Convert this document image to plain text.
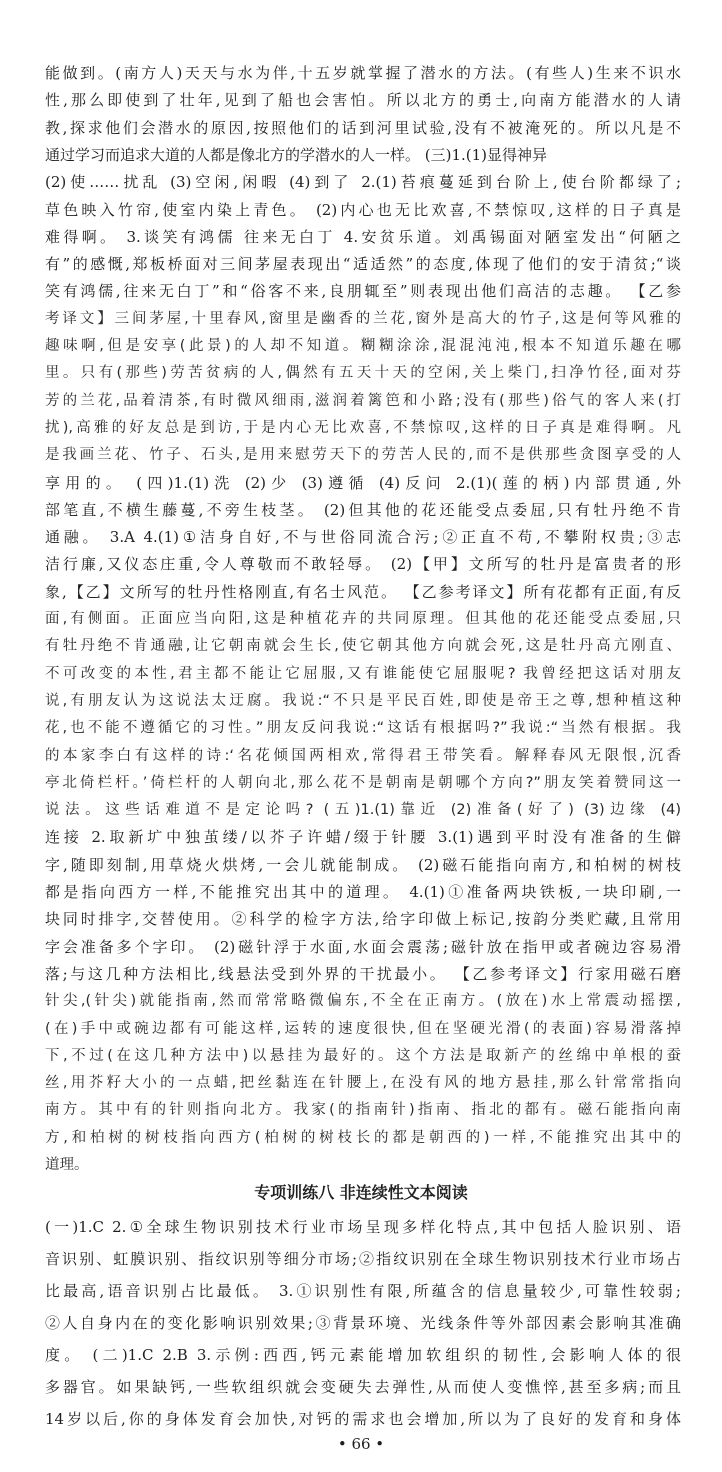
能做到。(南方人)天天与水为伴,十五岁就掌握了潜水的方法。(有些人)生来不识水
性,那么即使到了壮年,见到了船也会害怕。所以北方的勇士,向南方能潜水的人请
教,探求他们会潜水的原因,按照他们的话到河里试验,没有不被淹死的。所以凡是不
通过学习而追求大道的人都是像北方的学潜水的人一样。 (三)1.(1)显得神异
(2)使……扰乱 (3)空闲,闲暇 (4)到了 2.(1)苔痕蔓延到台阶上,使台阶都绿了;
草色映入竹帘,使室内染上青色。 (2)内心也无比欢喜,不禁惊叹,这样的日子真是
难得啊。 3.谈笑有鸿儒 往来无白丁 4.安贫乐道。刘禹锡面对陋室发出“何陋之
有”的感慨,郑板桥面对三间茅屋表现出“适适然”的态度,体现了他们的安于清贫;“谈
笑有鸿儒,往来无白丁”和“俗客不来,良朋辄至”则表现出他们高洁的志趣。 【乙参
考译文】三间茅屋,十里春风,窗里是幽香的兰花,窗外是高大的竹子,这是何等风雅的
趣味啊,但是安享(此景)的人却不知道。糊糊涂涂,混混沌沌,根本不知道乐趣在哪
里。只有(那些)劳苦贫病的人,偶然有五天十天的空闲,关上柴门,扫净竹径,面对芬
芳的兰花,品着清茶,有时微风细雨,滋润着篱笆和小路;没有(那些)俗气的客人来(打
扰),高雅的好友总是到访,于是内心无比欢喜,不禁惊叹,这样的日子真是难得啊。凡
是我画兰花、竹子、石头,是用来慰劳天下的劳苦人民的,而不是供那些贪图享受的人
享用的。 (四)1.(1)洗 (2)少 (3)遵循 (4)反问 2.(1)(莲的柄)内部贯通,外
部笔直,不横生藤蔓,不旁生枝茎。 (2)但其他的花还能受点委屈,只有牡丹绝不肯
通融。 3.A 4.(1)①洁身自好,不与世俗同流合污;②正直不苟,不攀附权贵;③志
洁行廉,又仪态庄重,令人尊敬而不敢轻辱。 (2)【甲】文所写的牡丹是富贵者的形
象,【乙】文所写的牡丹性格刚直,有名士风范。 【乙参考译文】所有花都有正面,有反
面,有侧面。正面应当向阳,这是种植花卉的共同原理。但其他的花还能受点委屈,只
有牡丹绝不肯通融,让它朝南就会生长,使它朝其他方向就会死,这是牡丹高亢刚直、
不可改变的本性,君主都不能让它屈服,又有谁能使它屈服呢? 我曾经把这话对朋友
说,有朋友认为这说法太迂腐。我说:“不只是平民百姓,即使是帝王之尊,想种植这种
花,也不能不遵循它的习性。”朋友反问我说:“这话有根据吗?”我说:“当然有根据。我
的本家李白有这样的诗:‘名花倾国两相欢,常得君王带笑看。解释春风无限恨,沉香
亭北倚栏杆。’倚栏杆的人朝向北,那么花不是朝南是朝哪个方向?”朋友笑着赞同这一
说法。这些话难道不是定论吗? (五)1.(1)靠近 (2)准备(好了) (3)边缘 (4)
连接 2.取新圹中独茧缕/以芥子许蜡/缀于针腰 3.(1)遇到平时没有准备的生僻
字,随即刻制,用草烧火烘烤,一会儿就能制成。 (2)磁石能指向南方,和柏树的树枝
都是指向西方一样,不能推究出其中的道理。 4.(1)①准备两块铁板,一块印刷,一
块同时排字,交替使用。②科学的检字方法,给字印做上标记,按韵分类贮藏,且常用
字会准备多个字印。 (2)磁针浮于水面,水面会震荡;磁针放在指甲或者碗边容易滑
落;与这几种方法相比,线悬法受到外界的干扰最小。 【乙参考译文】行家用磁石磨
针尖,(针尖)就能指南,然而常常略微偏东,不全在正南方。(放在)水上常震动摇摆,
(在)手中或碗边都有可能这样,运转的速度很快,但在坚硬光滑(的表面)容易滑落掉
下,不过(在这几种方法中)以悬挂为最好的。这个方法是取新产的丝绵中单根的蚕
丝,用芥籽大小的一点蜡,把丝黏连在针腰上,在没有风的地方悬挂,那么针常常指向
南方。其中有的针则指向北方。我家(的指南针)指南、指北的都有。磁石能指向南
方,和柏树的树枝指向西方(柏树的树枝长的都是朝西的)一样,不能推究出其中的
道理。
专项训练八 非连续性文本阅读
(一)1.C 2.①全球生物识别技术行业市场呈现多样化特点,其中包括人脸识别、语
音识别、虹膜识别、指纹识别等细分市场;②指纹识别在全球生物识别技术行业市场占
比最高,语音识别占比最低。 3.①识别性有限,所蕴含的信息量较少,可靠性较弱;
②人自身内在的变化影响识别效果;③背景环境、光线条件等外部因素会影响其准确
度。 (二)1.C 2.B 3.示例:西西,钙元素能增加软组织的韧性,会影响人体的很
多器官。如果缺钙,一些软组织就会变硬失去弹性,从而使人变憔悴,甚至多病;而且
14岁以后,你的身体发育会加快,对钙的需求也会增加,所以为了良好的发育和身体
• 66 •
